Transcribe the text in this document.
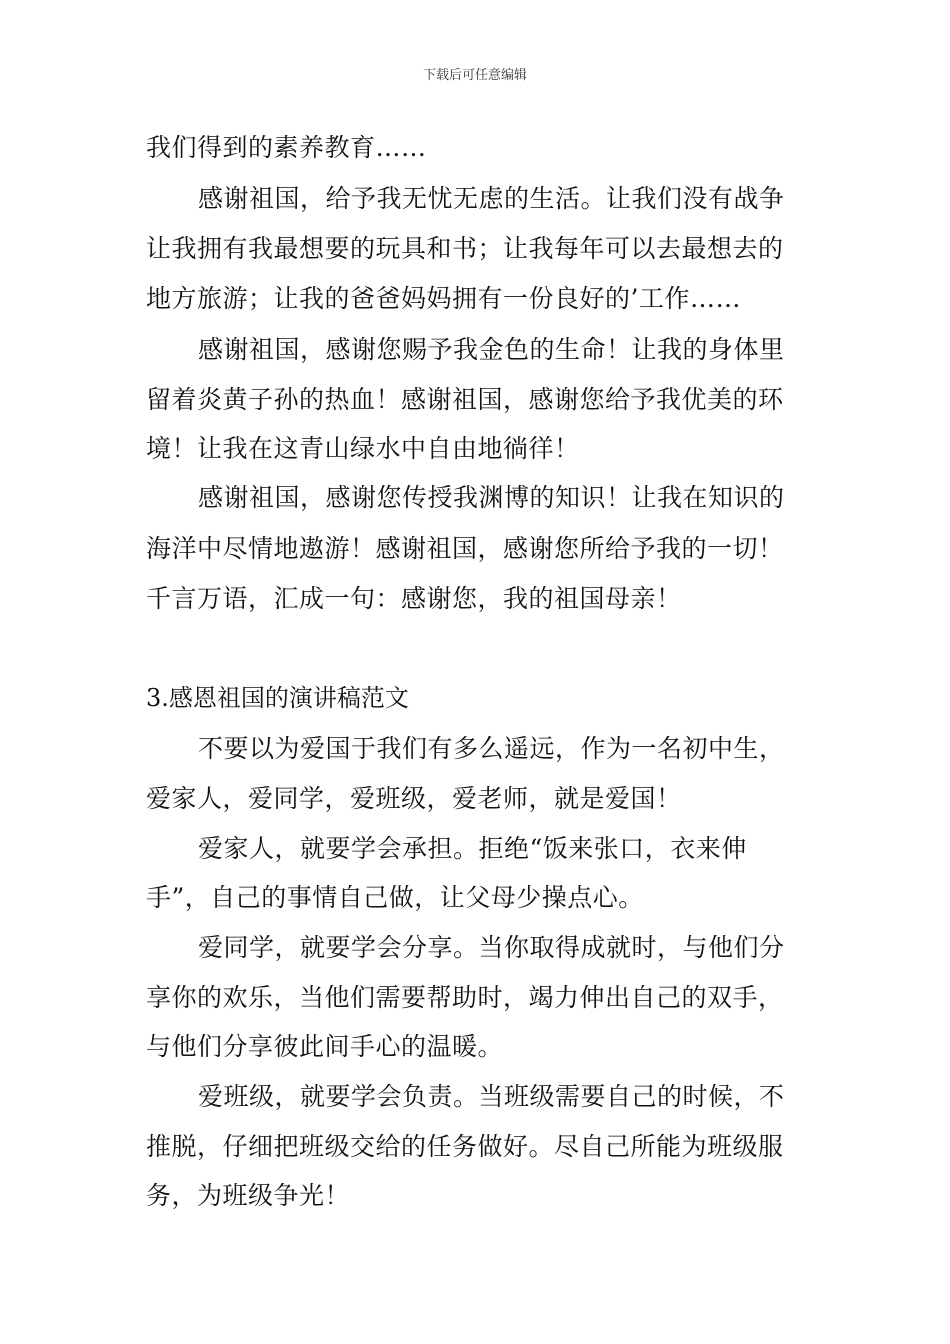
下载后可任意编辑
我们得到的素养教育……
感谢祖国，给予我无忧无虑的生活。让我们没有战争
让我拥有我最想要的玩具和书；让我每年可以去最想去的
地方旅游；让我的爸爸妈妈拥有一份良好的’工作……
感谢祖国，感谢您赐予我金色的生命！让我的身体里
留着炎黄子孙的热血！感谢祖国，感谢您给予我优美的环
境！让我在这青山绿水中自由地徜徉！
感谢祖国，感谢您传授我渊博的知识！让我在知识的
海洋中尽情地遨游！感谢祖国，感谢您所给予我的一切！
千言万语，汇成一句：感谢您，我的祖国母亲！
3.感恩祖国的演讲稿范文
不要以为爱国于我们有多么遥远，作为一名初中生，
爱家人，爱同学，爱班级，爱老师，就是爱国！
爱家人，就要学会承担。拒绝“饭来张口，衣来伸
手”，自己的事情自己做，让父母少操点心。
爱同学，就要学会分享。当你取得成就时，与他们分
享你的欢乐，当他们需要帮助时，竭力伸出自己的双手，
与他们分享彼此间手心的温暖。
爱班级，就要学会负责。当班级需要自己的时候，不
推脱，仔细把班级交给的任务做好。尽自己所能为班级服
务，为班级争光！
